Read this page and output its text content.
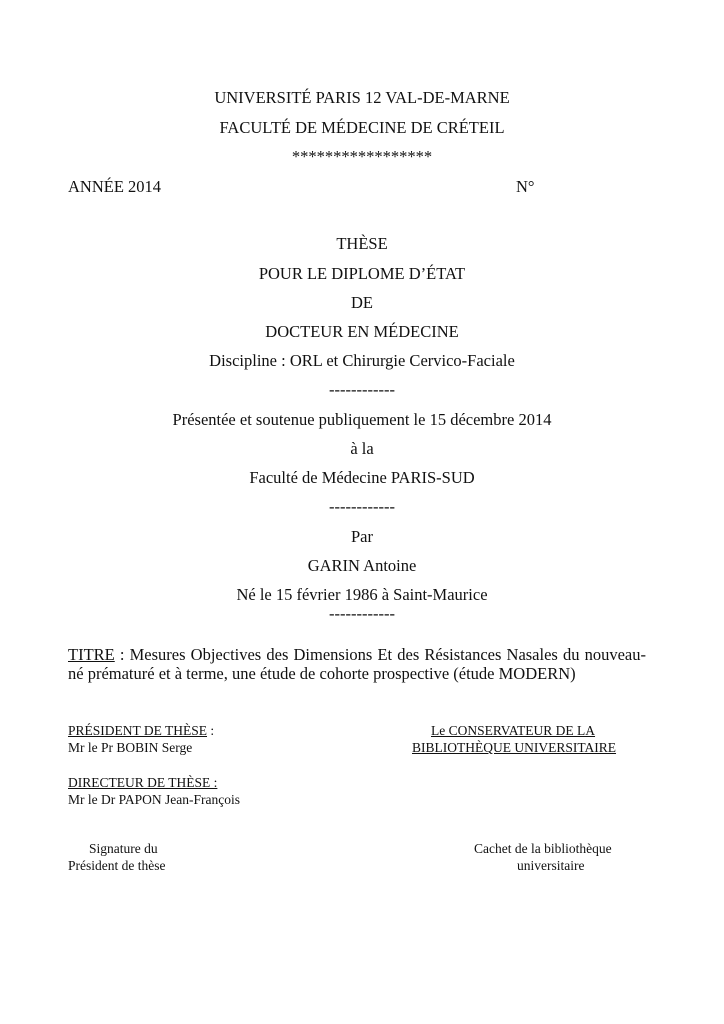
UNIVERSITÉ PARIS 12 VAL-DE-MARNE
FACULTÉ DE MÉDECINE DE CRÉTEIL
*****************
ANNÉE 2014	N°
THÈSE
POUR LE DIPLOME D’ÉTAT
DE
DOCTEUR EN MÉDECINE
Discipline : ORL et Chirurgie Cervico-Faciale
------------
Présentée et soutenue publiquement le 15 décembre 2014
à la
Faculté de Médecine PARIS-SUD
------------
Par
GARIN Antoine
Né le 15 février 1986 à Saint-Maurice
------------
TITRE : Mesures Objectives des Dimensions Et des Résistances Nasales du nouveau-né prématuré et à terme, une étude de cohorte prospective (étude MODERN)
PRÉSIDENT DE THÈSE :
Mr le Pr BOBIN Serge
Le CONSERVATEUR DE LA
BIBLIOTHÈQUE UNIVERSITAIRE
DIRECTEUR DE THÈSE :
Mr le Dr PAPON Jean-François
Signature du
Président de thèse
Cachet de la bibliothèque
universitaire
